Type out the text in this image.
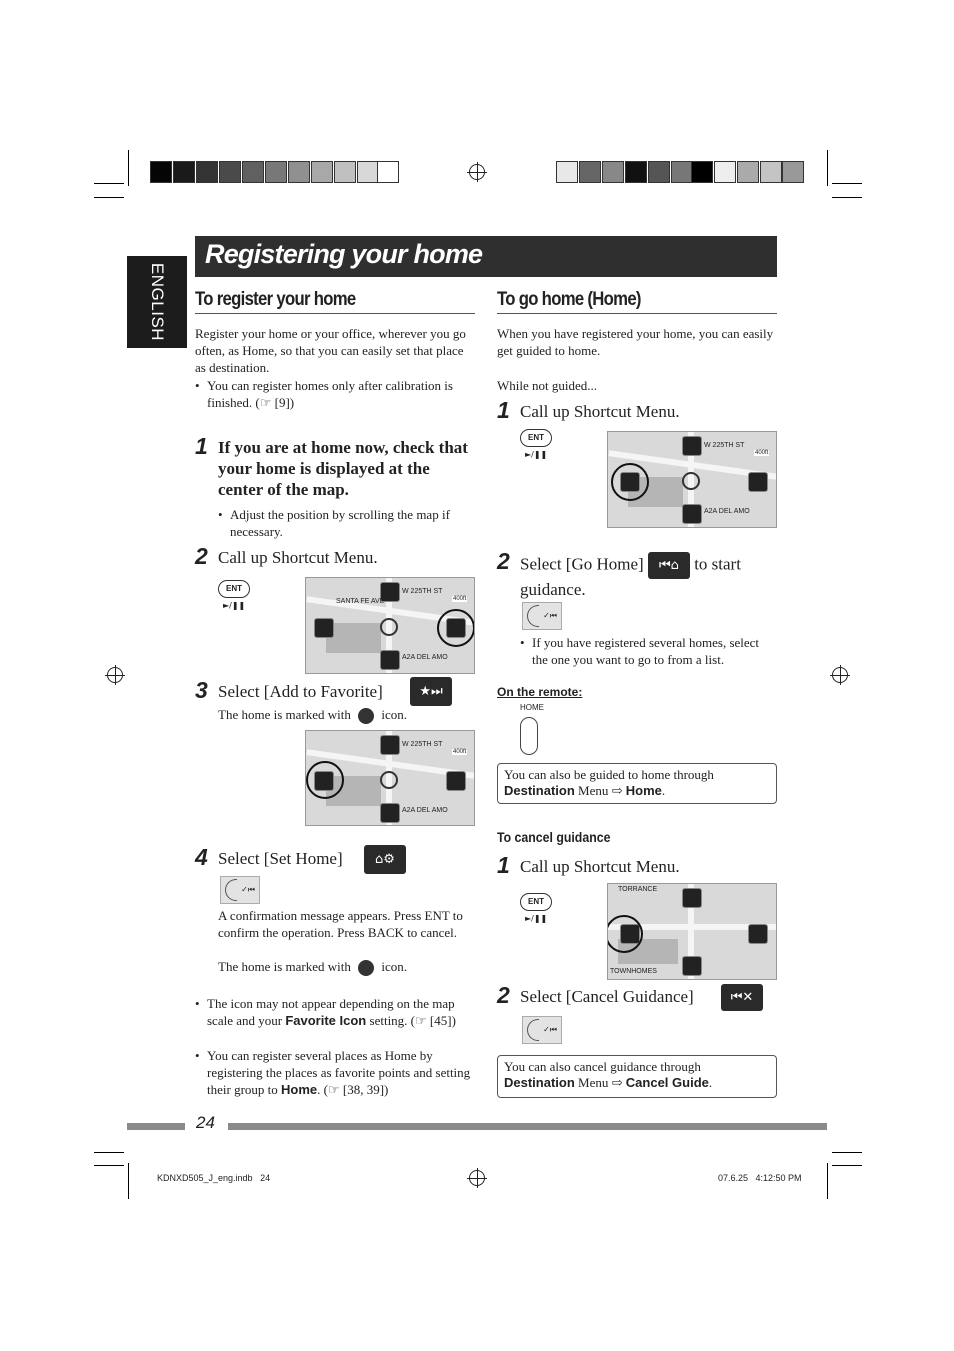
ENGLISH
Registering your home
To register your home
Register your home or your office, wherever you go often, as Home, so that you can easily set that place as destination.
• You can register homes only after calibration is finished. (☞ [9])
1 If you are at home now, check that your home is displayed at the center of the map.
• Adjust the position by scrolling the map if necessary.
2 Call up Shortcut Menu.
ENT
►/❚❚
W 225TH ST
SANTA FE AVE
A2A DEL AMO
400ft
3 Select [Add to Favorite]	★⏭
The home is marked with icon.
W 225TH ST
A2A DEL AMO
400ft
4 Select [Set Home]	⌂⚙
✓⏮
A confirmation message appears. Press ENT to confirm the operation. Press BACK to cancel.
The home is marked with icon.
• The icon may not appear depending on the map scale and your Favorite Icon setting. (☞ [45])
• You can register several places as Home by registering the places as favorite points and setting their group to Home. (☞ [38, 39])
To go home (Home)
When you have registered your home, you can easily get guided to home.
While not guided...
1 Call up Shortcut Menu.
ENT
►/❚❚
W 225TH ST
A2A DEL AMO
400ft
2 Select [Go Home] ⏮⌂ to start guidance.
✓⏮
• If you have registered several homes, select the one you want to go to from a list.
On the remote:
HOME
You can also be guided to home through
Destination Menu ⇨ Home.
To cancel guidance
1 Call up Shortcut Menu.
ENT
►/❚❚
TORRANCE
TOWNHOMES
2 Select [Cancel Guidance]	⏮✕
✓⏮
You can also cancel guidance through
Destination Menu ⇨ Cancel Guide.
24
KDNXD505_J_eng.indb   24	07.6.25   4:12:50 PM
